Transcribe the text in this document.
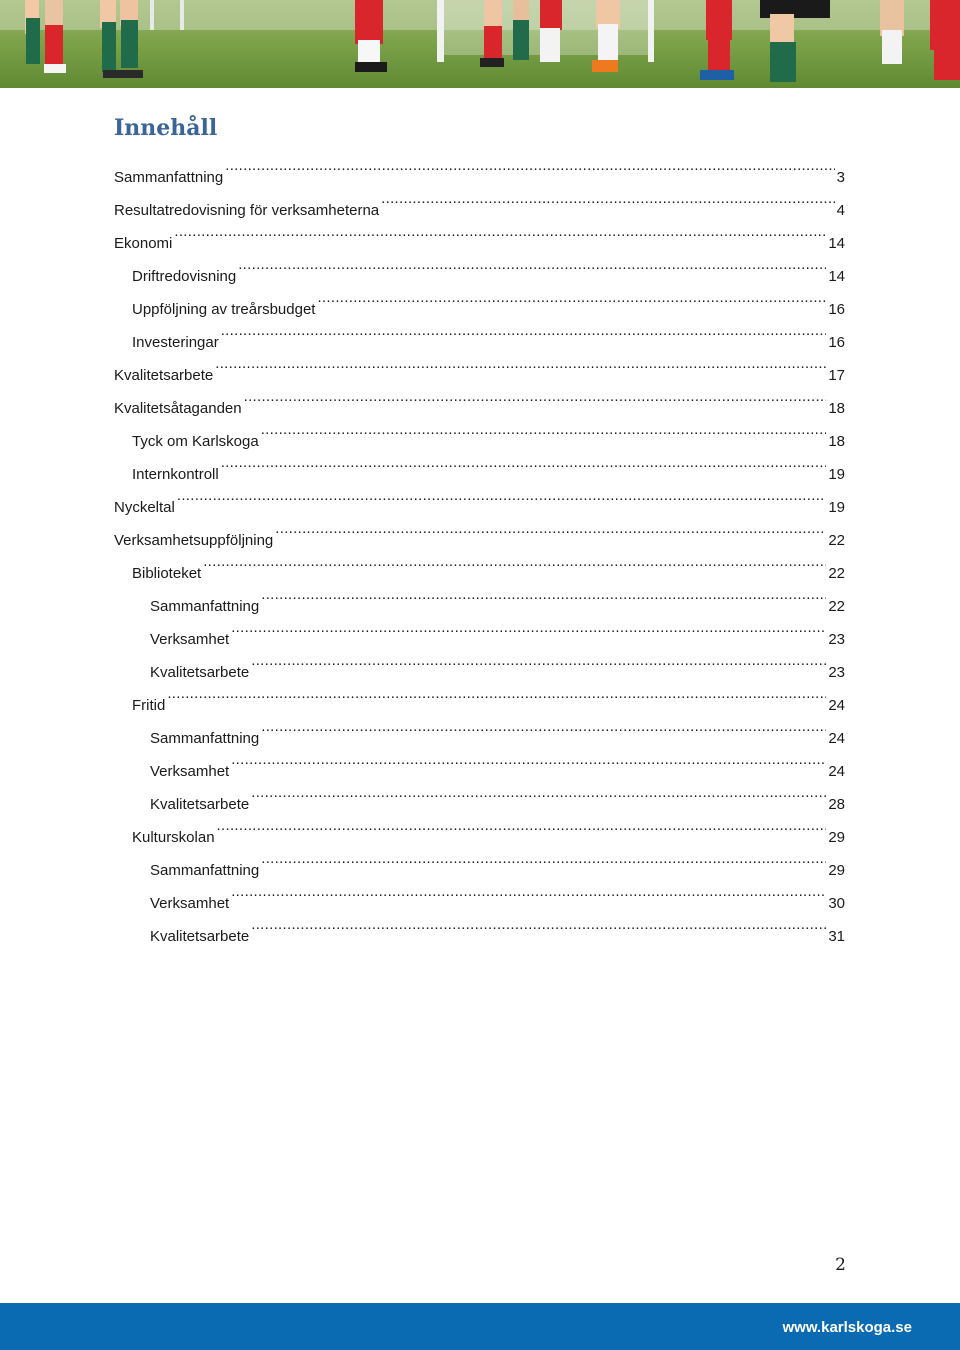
Innehåll
Sammanfattning .....	3
Resultatredovisning för verksamheterna .....	4
Ekonomi .....	14
Driftredovisning .....	14
Uppföljning av treårsbudget .....	16
Investeringar .....	16
Kvalitetsarbete .....	17
Kvalitetsåtaganden .....	18
Tyck om Karlskoga .....	18
Internkontroll .....	19
Nyckeltal .....	19
Verksamhetsuppföljning .....	22
Biblioteket .....	22
Sammanfattning .....	22
Verksamhet .....	23
Kvalitetsarbete .....	23
Fritid .....	24
Sammanfattning .....	24
Verksamhet .....	24
Kvalitetsarbete .....	28
Kulturskolan .....	29
Sammanfattning .....	29
Verksamhet .....	30
Kvalitetsarbete .....	31
2
www.karlskoga.se
